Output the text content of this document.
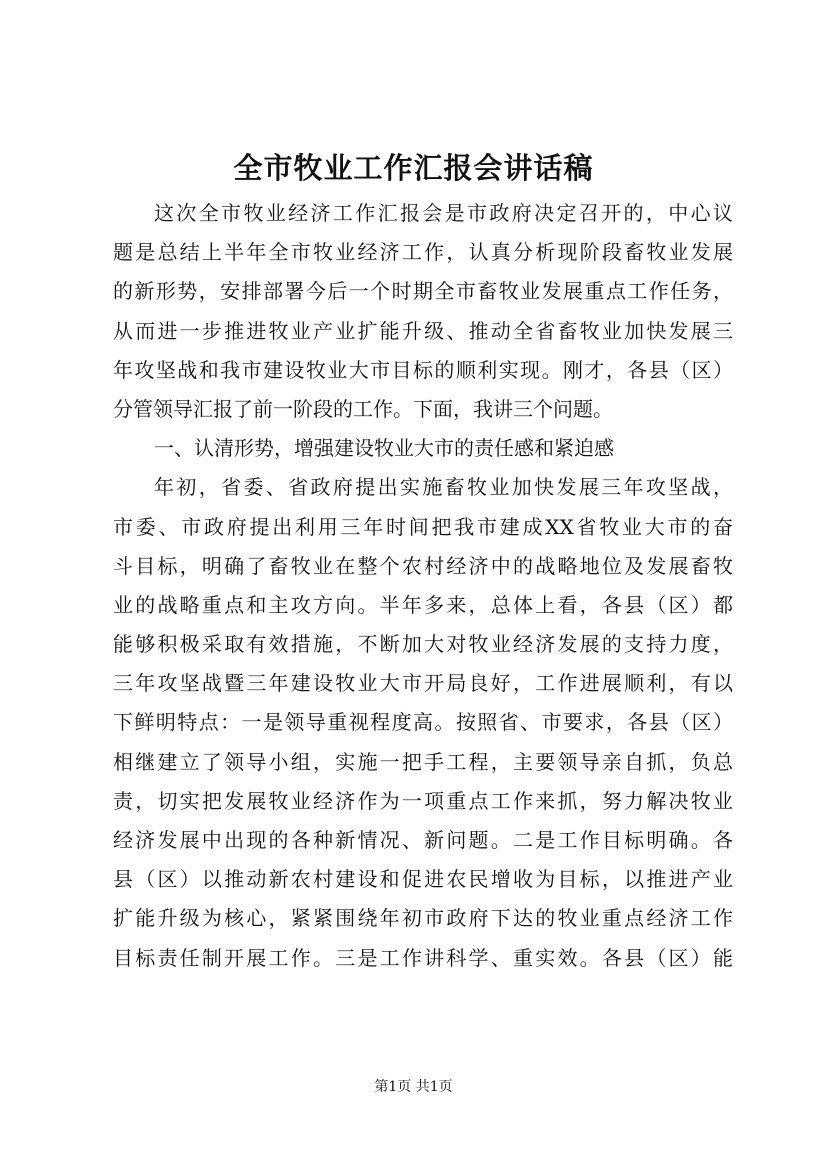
全市牧业工作汇报会讲话稿
这次全市牧业经济工作汇报会是市政府决定召开的，中心议
题是总结上半年全市牧业经济工作，认真分析现阶段畜牧业发展
的新形势，安排部署今后一个时期全市畜牧业发展重点工作任务，
从而进一步推进牧业产业扩能升级、推动全省畜牧业加快发展三
年攻坚战和我市建设牧业大市目标的顺利实现。刚才，各县（区）
分管领导汇报了前一阶段的工作。下面，我讲三个问题。
一、认清形势，增强建设牧业大市的责任感和紧迫感
年初，省委、省政府提出实施畜牧业加快发展三年攻坚战，
市委、市政府提出利用三年时间把我市建成XX省牧业大市的奋
斗目标，明确了畜牧业在整个农村经济中的战略地位及发展畜牧
业的战略重点和主攻方向。半年多来，总体上看，各县（区）都
能够积极采取有效措施，不断加大对牧业经济发展的支持力度，
三年攻坚战暨三年建设牧业大市开局良好，工作进展顺利，有以
下鲜明特点：一是领导重视程度高。按照省、市要求，各县（区）
相继建立了领导小组，实施一把手工程，主要领导亲自抓，负总
责，切实把发展牧业经济作为一项重点工作来抓，努力解决牧业
经济发展中出现的各种新情况、新问题。二是工作目标明确。各
县（区）以推动新农村建设和促进农民增收为目标，以推进产业
扩能升级为核心，紧紧围绕年初市政府下达的牧业重点经济工作
目标责任制开展工作。三是工作讲科学、重实效。各县（区）能
第1页 共1页
